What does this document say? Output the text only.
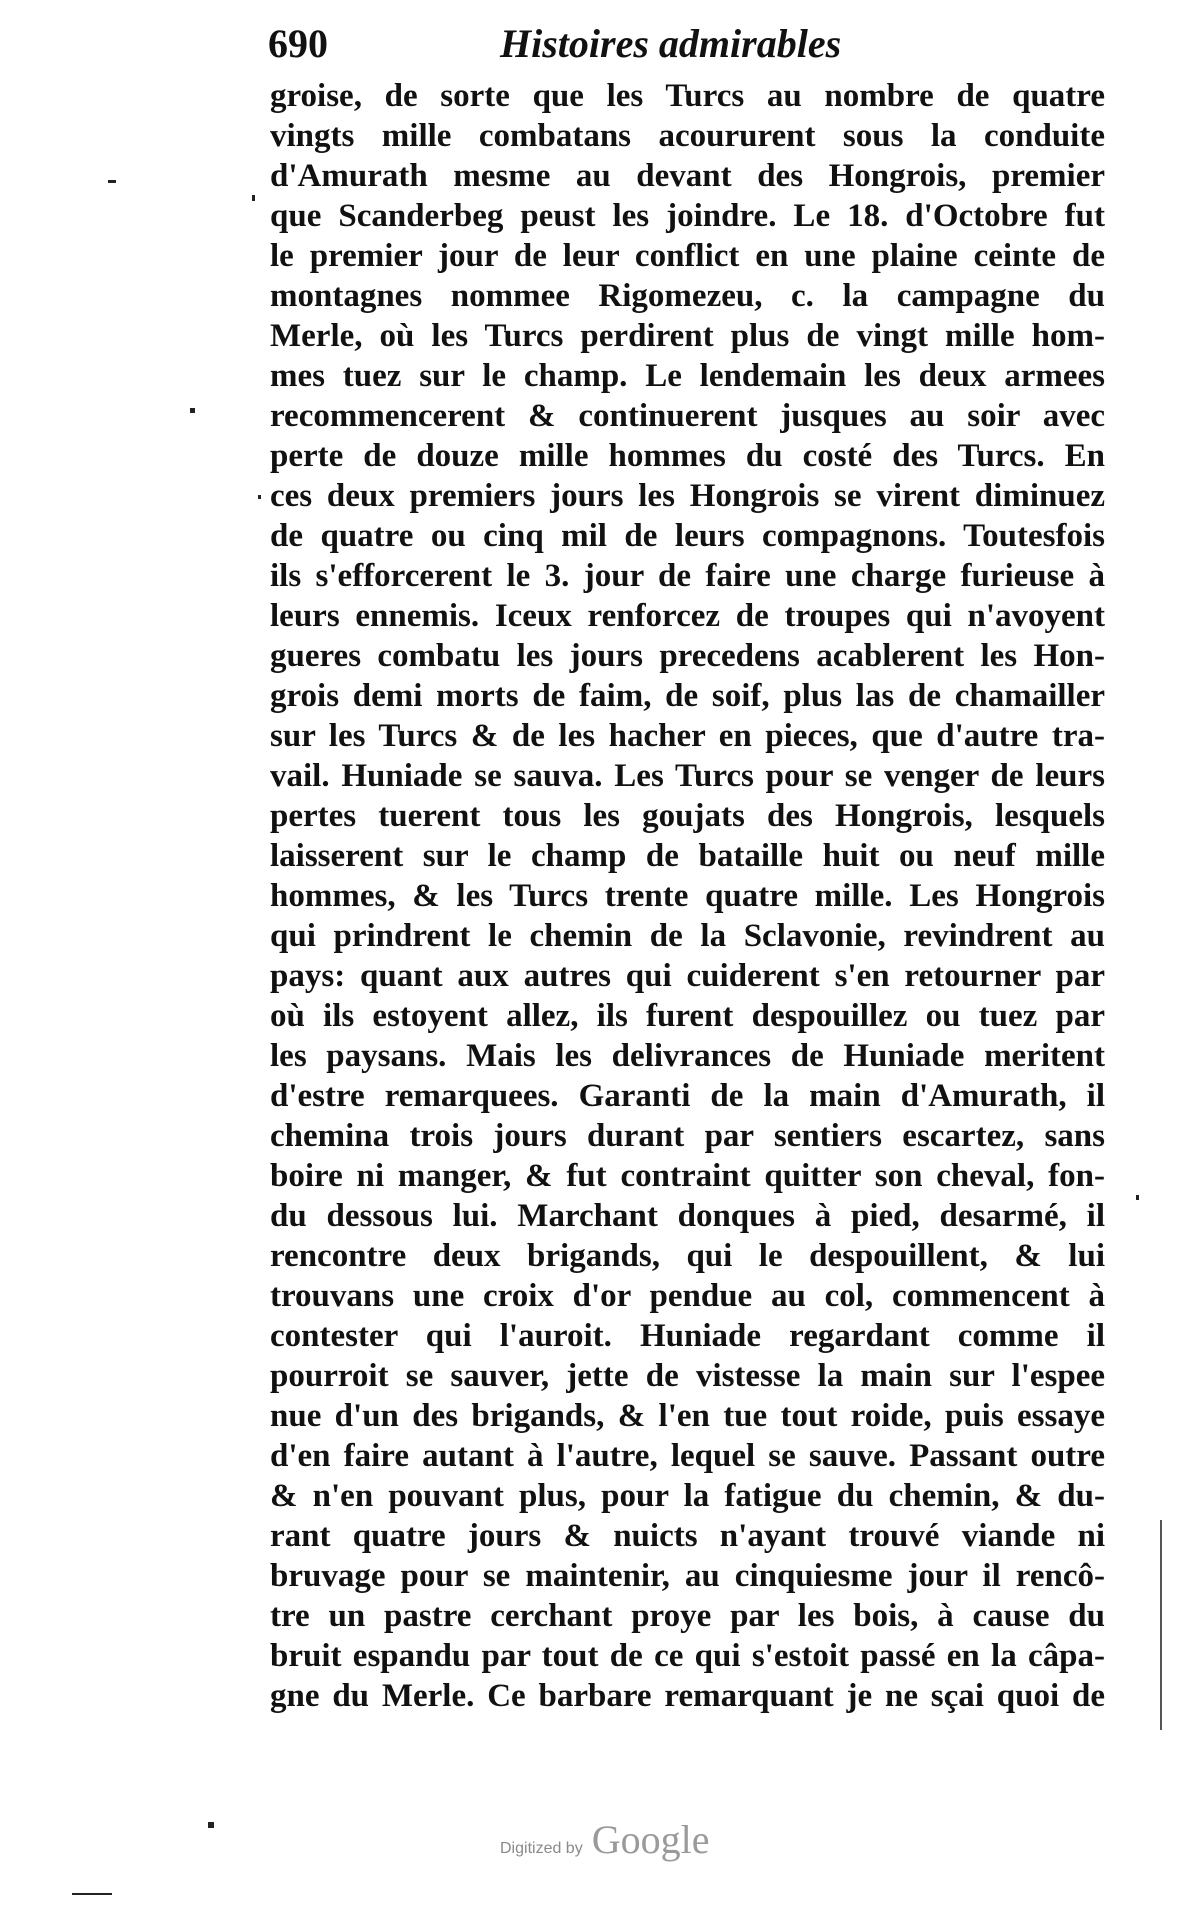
690	Histoires admirables
groise, de sorte que les Turcs au nombre de quatre
vingts mille combatans acoururent sous la conduite
d'Amurath mesme au devant des Hongrois, premier
que Scanderbeg peust les joindre. Le 18. d'Octobre fut
le premier jour de leur conflict en une plaine ceinte de
montagnes nommee Rigomezeu, c. la campagne du
Merle, où les Turcs perdirent plus de vingt mille hom-
mes tuez sur le champ. Le lendemain les deux armees
recommencerent & continuerent jusques au soir avec
perte de douze mille hommes du costé des Turcs. En
ces deux premiers jours les Hongrois se virent diminuez
de quatre ou cinq mil de leurs compagnons. Toutesfois
ils s'efforcerent le 3. jour de faire une charge furieuse à
leurs ennemis. Iceux renforcez de troupes qui n'avoyent
gueres combatu les jours precedens acablerent les Hon-
grois demi morts de faim, de soif, plus las de chamailler
sur les Turcs & de les hacher en pieces, que d'autre tra-
vail. Huniade se sauva. Les Turcs pour se venger de leurs
pertes tuerent tous les goujats des Hongrois, lesquels
laisserent sur le champ de bataille huit ou neuf mille
hommes, & les Turcs trente quatre mille. Les Hongrois
qui prindrent le chemin de la Sclavonie, revindrent au
pays: quant aux autres qui cuiderent s'en retourner par
où ils estoyent allez, ils furent despouillez ou tuez par
les paysans. Mais les delivrances de Huniade meritent
d'estre remarquees. Garanti de la main d'Amurath, il
chemina trois jours durant par sentiers escartez, sans
boire ni manger, & fut contraint quitter son cheval, fon-
du dessous lui. Marchant donques à pied, desarmé, il
rencontre deux brigands, qui le despouillent, & lui
trouvans une croix d'or pendue au col, commencent à
contester qui l'auroit. Huniade regardant comme il
pourroit se sauver, jette de vistesse la main sur l'espee
nue d'un des brigands, & l'en tue tout roide, puis essaye
d'en faire autant à l'autre, lequel se sauve. Passant outre
& n'en pouvant plus, pour la fatigue du chemin, & du-
rant quatre jours & nuicts n'ayant trouvé viande ni
bruvage pour se maintenir, au cinquiesme jour il rencô-
tre un pastre cerchant proye par les bois, à cause du
bruit espandu par tout de ce qui s'estoit passé en la câpa-
gne du Merle. Ce barbare remarquant je ne sçai quoi de
Digitized by Google
